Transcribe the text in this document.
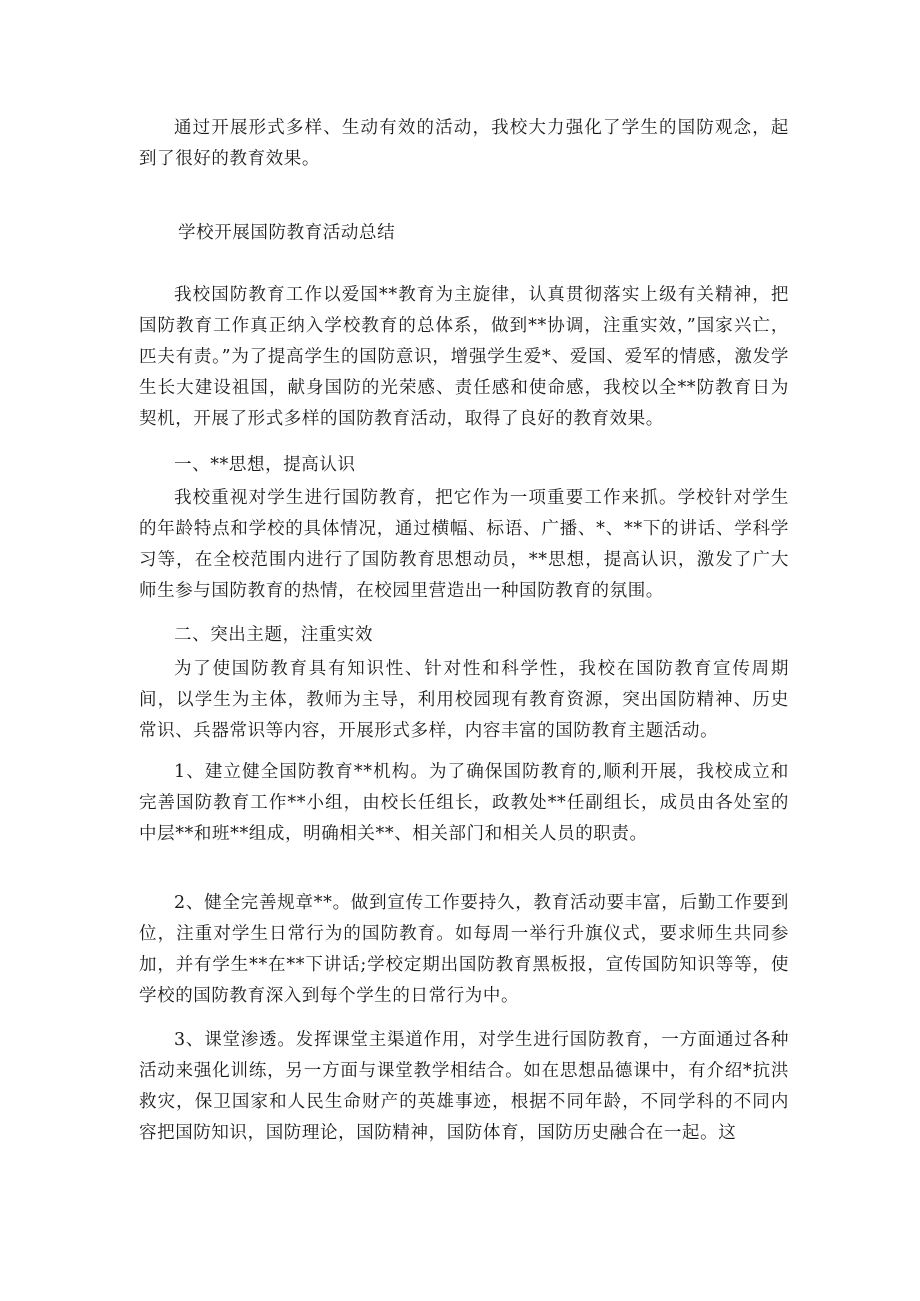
通过开展形式多样、生动有效的活动，我校大力强化了学生的国防观念，起到了很好的教育效果。

学校开展国防教育活动总结

我校国防教育工作以爱国**教育为主旋律，认真贯彻落实上级有关精神，把国防教育工作真正纳入学校教育的总体系，做到**协调，注重实效，”国家兴亡，匹夫有责。”为了提高学生的国防意识，增强学生爱*、爱国、爱军的情感，激发学生长大建设祖国，献身国防的光荣感、责任感和使命感，我校以全**防教育日为契机，开展了形式多样的国防教育活动，取得了良好的教育效果。

一、**思想，提高认识

我校重视对学生进行国防教育，把它作为一项重要工作来抓。学校针对学生的年龄特点和学校的具体情况，通过横幅、标语、广播、*、**下的讲话、学科学习等，在全校范围内进行了国防教育思想动员，**思想，提高认识，激发了广大师生参与国防教育的热情，在校园里营造出一种国防教育的氛围。

二、突出主题，注重实效

为了使国防教育具有知识性、针对性和科学性，我校在国防教育宣传周期间，以学生为主体，教师为主导，利用校园现有教育资源，突出国防精神、历史常识、兵器常识等内容，开展形式多样，内容丰富的国防教育主题活动。

1、建立健全国防教育**机构。为了确保国防教育的,顺利开展，我校成立和完善国防教育工作**小组，由校长任组长，政教处**任副组长，成员由各处室的中层**和班**组成，明确相关**、相关部门和相关人员的职责。

2、健全完善规章**。做到宣传工作要持久，教育活动要丰富，后勤工作要到位，注重对学生日常行为的国防教育。如每周一举行升旗仪式，要求师生共同参加，并有学生**在**下讲话;学校定期出国防教育黑板报，宣传国防知识等等，使学校的国防教育深入到每个学生的日常行为中。

3、课堂渗透。发挥课堂主渠道作用，对学生进行国防教育，一方面通过各种活动来强化训练，另一方面与课堂教学相结合。如在思想品德课中，有介绍*抗洪救灾，保卫国家和人民生命财产的英雄事迹，根据不同年龄，不同学科的不同内容把国防知识，国防理论，国防精神，国防体育，国防历史融合在一起。这
